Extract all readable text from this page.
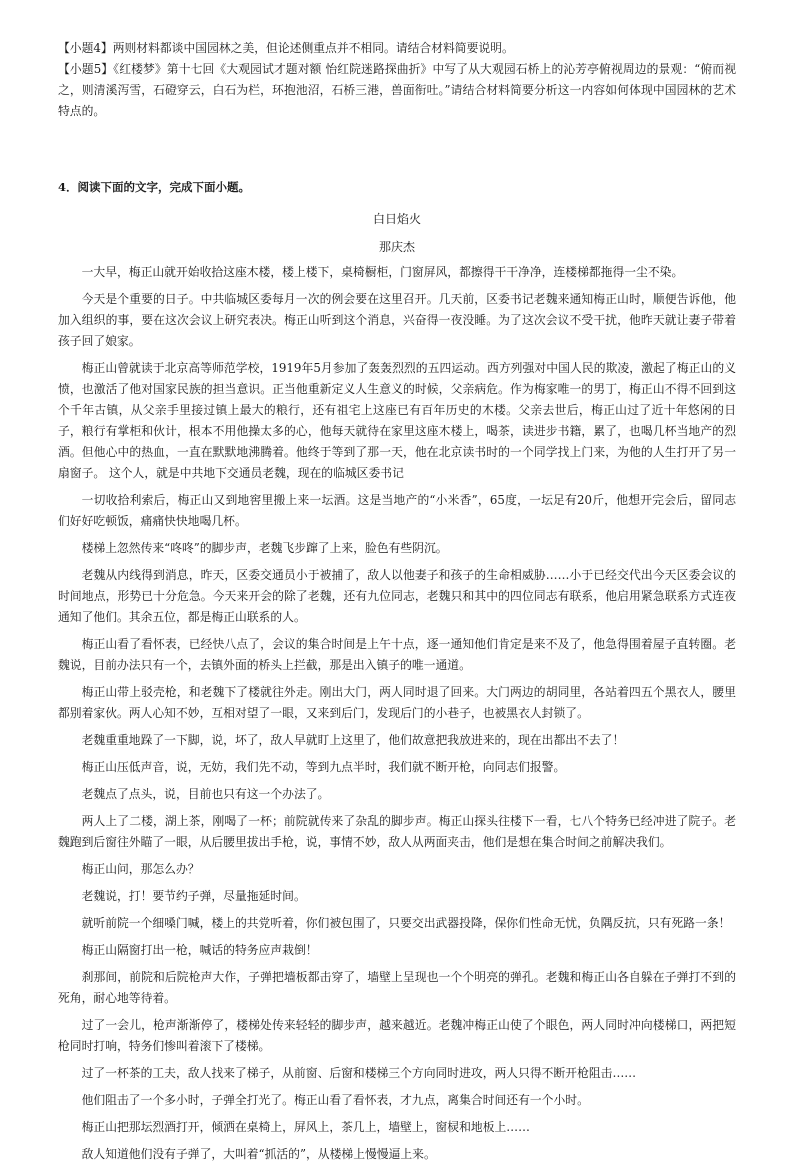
【小题4】两则材料都谈中国园林之美，但论述侧重点并不相同。请结合材料简要说明。

【小题5】《红楼梦》第十七回《大观园试才题对额 怡红院迷路探曲折》中写了从大观园石桥上的沁芳亭俯视周边的景观：“俯而视之，则清溪泻雪，石磴穿云，白石为栏，环抱池沼，石桥三港，兽面衔吐。”请结合材料简要分析这一内容如何体现中国园林的艺术特点的。

4．阅读下面的文字，完成下面小题。

白日焰火

那庆杰

一大早，梅正山就开始收拾这座木楼，楼上楼下，桌椅橱柜，门窗屏风，都擦得干干净净，连楼梯都拖得一尘不染。

今天是个重要的日子。中共临城区委每月一次的例会要在这里召开。几天前，区委书记老魏来通知梅正山时，顺便告诉他，他加入组织的事，要在这次会议上研究表决。梅正山听到这个消息，兴奋得一夜没睡。为了这次会议不受干扰，他昨天就让妻子带着孩子回了娘家。

梅正山曾就读于北京高等师范学校，1919年5月参加了轰轰烈烈的五四运动。西方列强对中国人民的欺凌，激起了梅正山的义愤，也激活了他对国家民族的担当意识。正当他重新定义人生意义的时候，父亲病危。作为梅家唯一的男丁，梅正山不得不回到这个千年古镇，从父亲手里接过镇上最大的粮行，还有祖宅上这座已有百年历史的木楼。父亲去世后，梅正山过了近十年悠闲的日子，粮行有掌柜和伙计，根本不用他操太多的心，他每天就待在家里这座木楼上，喝茶，读进步书籍，累了，也喝几杯当地产的烈酒。但他心中的热血，一直在默默地沸腾着。他终于等到了那一天，他在北京读书时的一个同学找上门来，为他的人生打开了另一扇窗子。 这个人，就是中共地下交通员老魏，现在的临城区委书记

一切收拾利索后，梅正山又到地窖里搬上来一坛酒。这是当地产的“小米香”，65度，一坛足有20斤，他想开完会后，留同志们好好吃顿饭，痛痛快快地喝几杯。

楼梯上忽然传来“咚咚”的脚步声，老魏飞步蹿了上来，脸色有些阴沉。

老魏从内线得到消息，昨天，区委交通员小于被捕了，敌人以他妻子和孩子的生命相威胁……小于已经交代出今天区委会议的时间地点，形势已十分危急。今天来开会的除了老魏，还有九位同志，老魏只和其中的四位同志有联系，他启用紧急联系方式连夜通知了他们。其余五位，都是梅正山联系的人。

梅正山看了看怀表，已经快八点了，会议的集合时间是上午十点，逐一通知他们肯定是来不及了，他急得围着屋子直转圈。老魏说，目前办法只有一个，去镇外面的桥头上拦截，那是出入镇子的唯一通道。

梅正山带上驳壳枪，和老魏下了楼就往外走。刚出大门，两人同时退了回来。大门两边的胡同里，各站着四五个黑衣人，腰里都别着家伙。两人心知不妙，互相对望了一眼，又来到后门，发现后门的小巷子，也被黑衣人封锁了。

老魏重重地跺了一下脚，说，坏了，敌人早就盯上这里了，他们故意把我放进来的，现在出都出不去了！

梅正山压低声音，说，无妨，我们先不动，等到九点半时，我们就不断开枪，向同志们报警。

老魏点了点头，说，目前也只有这一个办法了。

两人上了二楼，湖上茶，刚喝了一杯；前院就传来了杂乱的脚步声。梅正山探头往楼下一看，七八个特务已经冲进了院子。老魏跑到后窗往外瞄了一眼，从后腰里拔出手枪，说，事情不妙，敌人从两面夹击，他们是想在集合时间之前解决我们。

梅正山问，那怎么办？

老魏说，打！要节约子弹，尽量拖延时间。

就听前院一个细嗓门喊，楼上的共党听着，你们被包围了，只要交出武器投降，保你们性命无忧，负隅反抗，只有死路一条！

梅正山隔窗打出一枪，喊话的特务应声栽倒！

刹那间，前院和后院枪声大作，子弹把墙板都击穿了，墙壁上呈现也一个个明亮的弹孔。老魏和梅正山各自躲在子弹打不到的死角，耐心地等待着。

过了一会儿，枪声渐渐停了，楼梯处传来轻轻的脚步声，越来越近。老魏冲梅正山使了个眼色，两人同时冲向楼梯口，两把短枪同时打响，特务们惨叫着滚下了楼梯。

过了一杯茶的工夫，敌人找来了梯子，从前窗、后窗和楼梯三个方向同时进攻，两人只得不断开枪阻击……

他们阻击了一个多小时，子弹全打光了。梅正山看了看怀表，才九点，离集合时间还有一个小时。

梅正山把那坛烈酒打开，倾洒在桌椅上，屏风上，茶几上，墙壁上，窗棂和地板上……

敌人知道他们没有子弹了，大叫着“抓活的”，从楼梯上慢慢逼上来。
